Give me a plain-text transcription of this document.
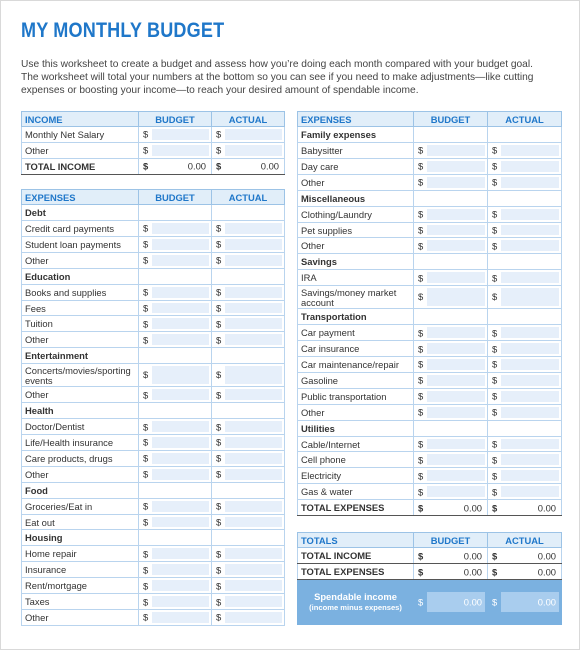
MY MONTHLY BUDGET

Use this worksheet to create a budget and assess how you’re doing each month compared with your budget goal.

The worksheet will total your numbers at the bottom so you can see if you need to make adjustments—like cutting

expenses or boosting your income—to reach your desired amount of spendable income.

INCOME	BUDGET	ACTUAL
Monthly Net Salary	$	$

Other	$	$

TOTAL INCOME	$ 0.00	$ 0.00
EXPENSES	BUDGET	ACTUAL
Debt		
Credit card payments	$	$

Student loan payments	$	$

Other	$	$

Education		
Books and supplies	$	$

Fees	$	$

Tuition	$	$

Other	$	$

Entertainment		
Concerts/movies/sporting events	$	$

Other	$	$

Health		
Doctor/Dentist	$	$

Life/Health insurance	$	$

Care products, drugs	$	$

Other	$	$

Food		
Groceries/Eat in	$	$

Eat out	$	$

Housing		
Home repair	$	$

Insurance	$	$

Rent/mortgage	$	$

Taxes	$	$

Other	$	$
EXPENSES	BUDGET	ACTUAL
Family expenses		
Babysitter	$	$

Day care	$	$

Other	$	$

Miscellaneous		
Clothing/Laundry	$	$

Pet supplies	$	$

Other	$	$

Savings		
IRA	$	$

Savings/money market account	$	$

Transportation		
Car payment	$	$

Car insurance	$	$

Car maintenance/repair	$	$

Gasoline	$	$

Public transportation	$	$

Other	$	$

Utilities		
Cable/Internet	$	$

Cell phone	$	$

Electricity	$	$

Gas & water	$	$

TOTAL EXPENSES	$ 0.00	$ 0.00
TOTALS	BUDGET	ACTUAL
TOTAL INCOME	$ 0.00	$ 0.00

TOTAL EXPENSES	$ 0.00	$ 0.00

Spendable income
(income minus expenses)	$ 0.00	$ 0.00
